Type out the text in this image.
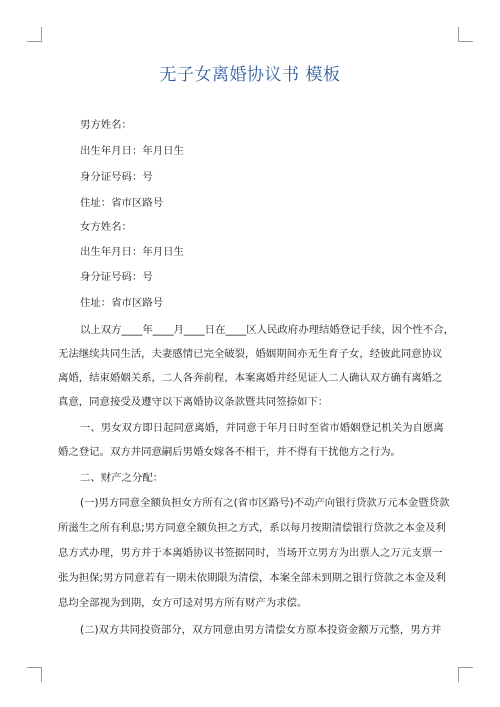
无子女离婚协议书 模板
男方姓名：
出生年月日：年月日生
身分证号码：号
住址：省市区路号
女方姓名：
出生年月日：年月日生
身分证号码：号
住址：省市区路号
以上双方____年____月____日在____区人民政府办理结婚登记手续，因个性不合，
无法继续共同生活，夫妻感情已完全破裂，婚姻期间亦无生育子女，经彼此同意协议
离婚，结束婚姻关系，二人各奔前程，本案离婚并经见证人二人确认双方确有离婚之
真意，同意接受及遵守以下离婚协议条款暨共同签捺如下：
一、男女双方即日起同意离婚，并同意于年月日时至省市婚姻登记机关为自愿离
婚之登记。双方并同意嗣后男婚女嫁各不相干，并不得有干扰他方之行为。
二、财产之分配：
(一)男方同意全额负担女方所有之(省市区路号)不动产向银行贷款万元本金暨贷款
所滋生之所有利息;男方同意全额负担之方式，系以每月按期清偿银行贷款之本金及利
息方式办理，男方并于本离婚协议书签据同时，当场开立男方为出票人之万元支票一
张为担保;男方同意若有一期未依期限为清偿，本案全部未到期之银行贷款之本金及利
息均全部视为到期，女方可迳对男方所有财产为求偿。
(二)双方共同投资部分，双方同意由男方清偿女方原本投资金额万元整，男方并
